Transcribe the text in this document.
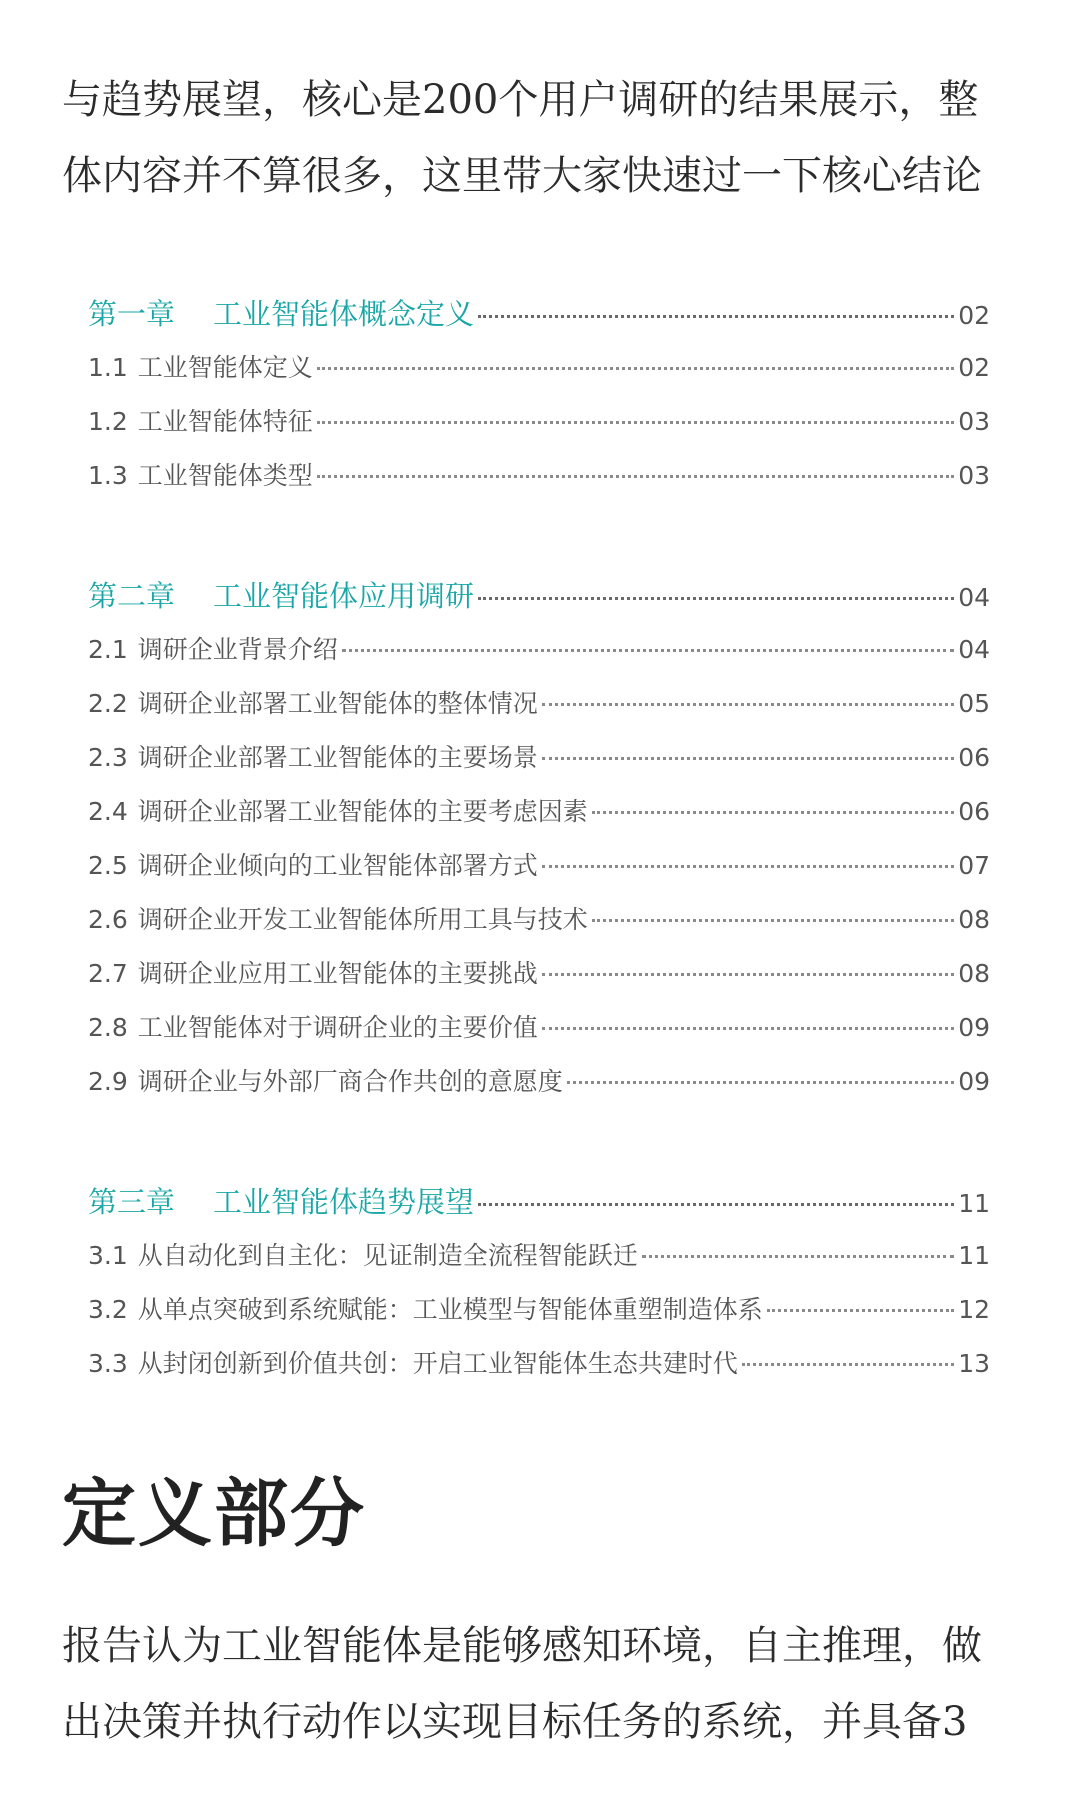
与趋势展望，核心是200个用户调研的结果展示，整

体内容并不算很多，这里带大家快速过一下核心结论

第一章 工业智能体概念定义	02
1.1 工业智能体定义	02
1.2 工业智能体特征	03
1.3 工业智能体类型	03
第二章 工业智能体应用调研	04
2.1 调研企业背景介绍	04
2.2 调研企业部署工业智能体的整体情况	05
2.3 调研企业部署工业智能体的主要场景	06
2.4 调研企业部署工业智能体的主要考虑因素	06
2.5 调研企业倾向的工业智能体部署方式	07
2.6 调研企业开发工业智能体所用工具与技术	08
2.7 调研企业应用工业智能体的主要挑战	08
2.8 工业智能体对于调研企业的主要价值	09
2.9 调研企业与外部厂商合作共创的意愿度	09
第三章 工业智能体趋势展望	11
3.1 从自动化到自主化：见证制造全流程智能跃迁	11
3.2 从单点突破到系统赋能：工业模型与智能体重塑制造体系	12
3.3 从封闭创新到价值共创：开启工业智能体生态共建时代	13
定义部分

报告认为工业智能体是能够感知环境，自主推理，做

出决策并执行动作以实现目标任务的系统，并具备3
